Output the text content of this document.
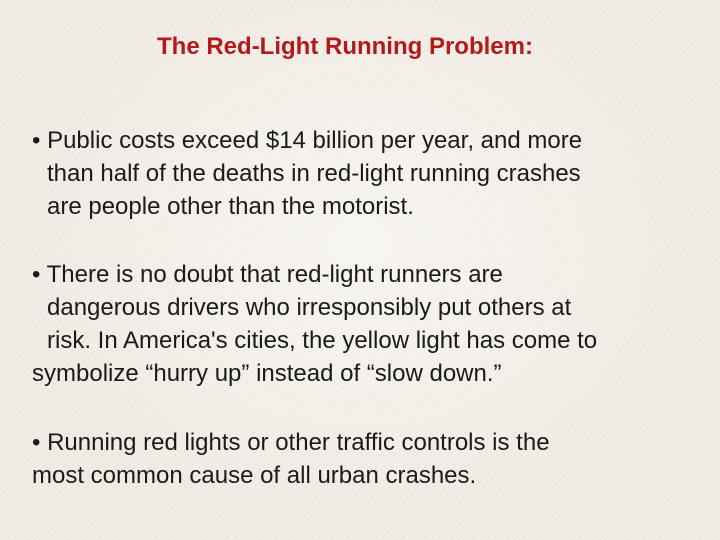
The Red-Light Running Problem:
• Public costs exceed $14 billion per year, and more
than half of the deaths in red-light running crashes
are people other than the motorist.
• There is no doubt that red-light runners are
dangerous drivers who irresponsibly put others at
risk. In America's cities, the yellow light has come to
symbolize “hurry up” instead of “slow down.”
• Running red lights or other traffic controls is the
most common cause of all urban crashes.
